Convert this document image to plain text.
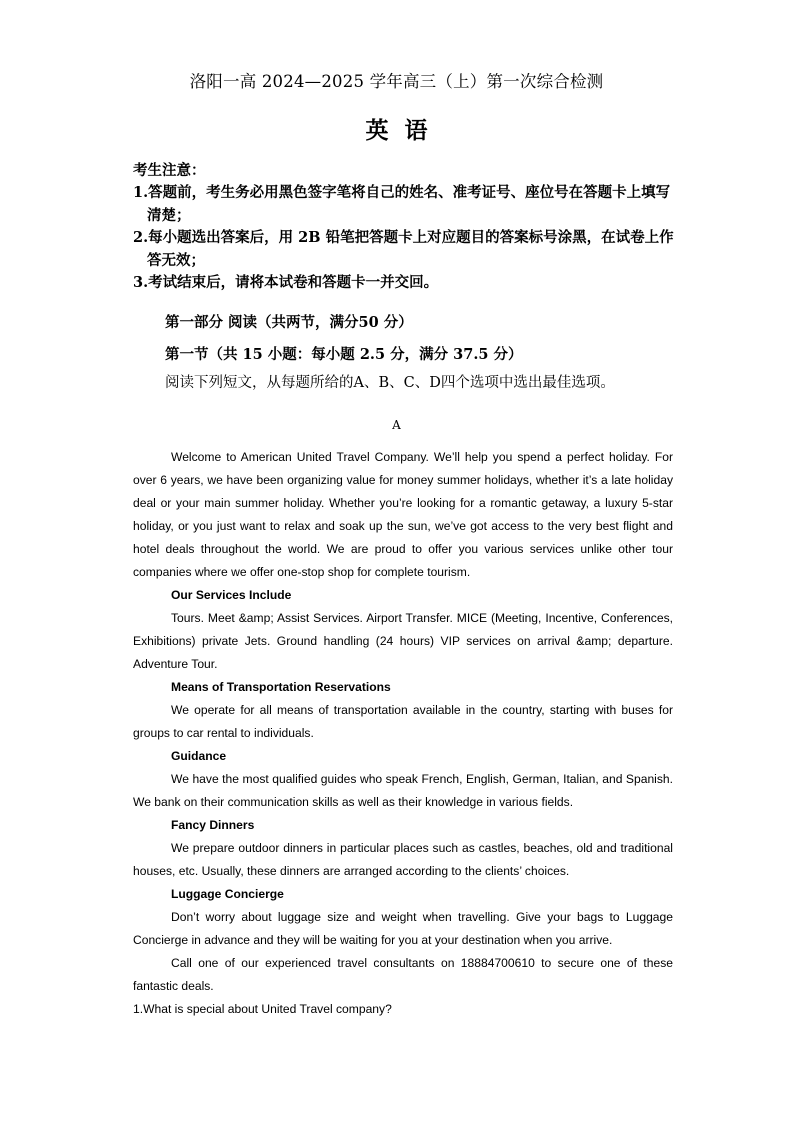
洛阳一高 2024—2025 学年高三（上）第一次综合检测
英语
考生注意：
1.答题前，考生务必用黑色签字笔将自己的姓名、准考证号、座位号在答题卡上填写清楚；
2.每小题选出答案后，用 2B 铅笔把答题卡上对应题目的答案标号涂黑，在试卷上作答无效；
3.考试结束后，请将本试卷和答题卡一并交回。
第一部分 阅读（共两节，满分50 分）
第一节（共 15 小题：每小题 2.5 分，满分 37.5 分）
阅读下列短文，从每题所给的A、B、C、D四个选项中选出最佳选项。
A

Welcome to American United Travel Company. We’ll help you spend a perfect holiday. For over 6 years, we have been organizing value for money summer holidays, whether it’s a late holiday deal or your main summer holiday. Whether you’re looking for a romantic getaway, a luxury 5-star holiday, or you just want to relax and soak up the sun, we’ve got access to the very best flight and hotel deals throughout the world. We are proud to offer you various services unlike other tour companies where we offer one-stop shop for complete tourism.

Our Services Include

Tours. Meet &amp; Assist Services. Airport Transfer. MICE (Meeting, Incentive, Conferences, Exhibitions) private Jets. Ground handling (24 hours) VIP services on arrival &amp; departure. Adventure Tour.

Means of Transportation Reservations

We operate for all means of transportation available in the country, starting with buses for groups to car rental to individuals.

Guidance

We have the most qualified guides who speak French, English, German, Italian, and Spanish. We bank on their communication skills as well as their knowledge in various fields.

Fancy Dinners

We prepare outdoor dinners in particular places such as castles, beaches, old and traditional houses, etc. Usually, these dinners are arranged according to the clients’ choices.

Luggage Concierge

Don’t worry about luggage size and weight when travelling. Give your bags to Luggage Concierge in advance and they will be waiting for you at your destination when you arrive.

Call one of our experienced travel consultants on 18884700610 to secure one of these fantastic deals.

1.What is special about United Travel company?
